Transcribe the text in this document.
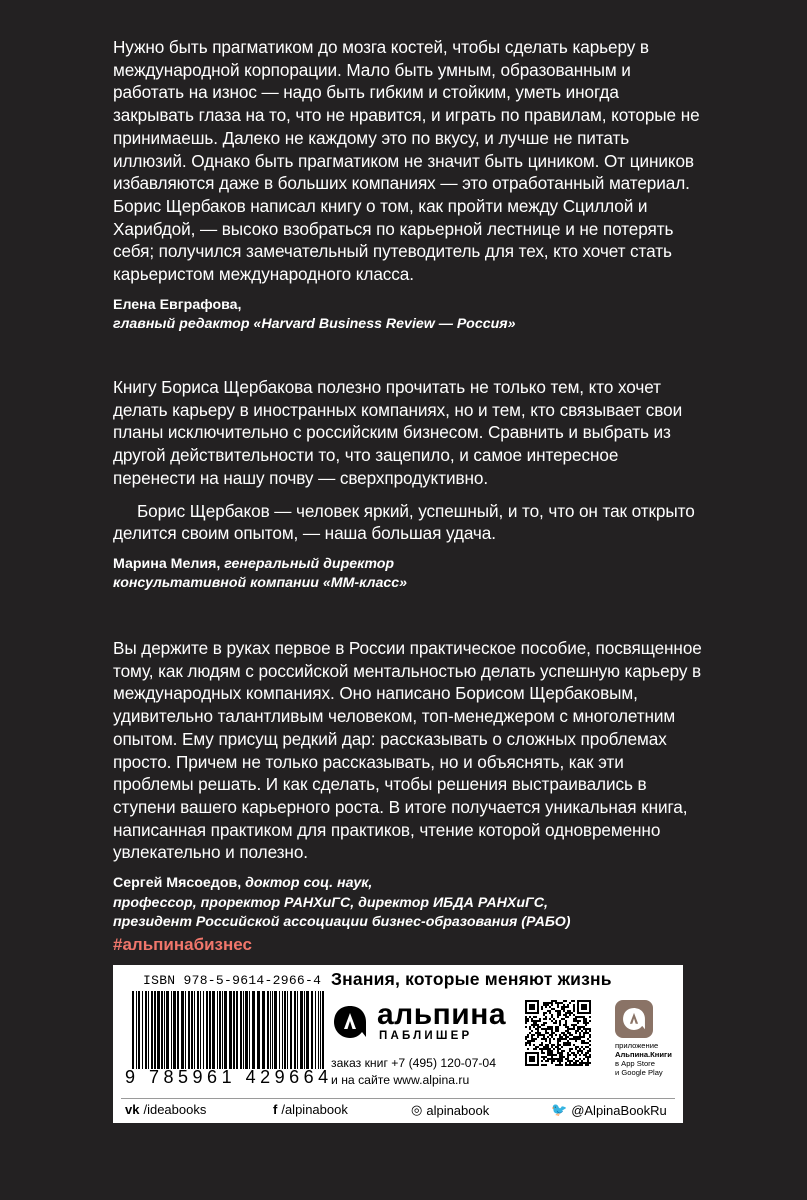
Нужно быть прагматиком до мозга костей, чтобы сделать карьеру в международной корпорации. Мало быть умным, образованным и работать на износ — надо быть гибким и стойким, уметь иногда закрывать глаза на то, что не нравится, и играть по правилам, которые не принимаешь. Далеко не каждому это по вкусу, и лучше не питать иллюзий. Однако быть прагматиком не значит быть циником. От циников избавляются даже в больших компаниях — это отработанный материал. Борис Щербаков написал книгу о том, как пройти между Сциллой и Харибдой, — высоко взобраться по карьерной лестнице и не потерять себя; получился замечательный путеводитель для тех, кто хочет стать карьеристом международного класса.

Елена Евграфова,
главный редактор «Harvard Business Review — Россия»

Книгу Бориса Щербакова полезно прочитать не только тем, кто хочет делать карьеру в иностранных компаниях, но и тем, кто связывает свои планы исключительно с российским бизнесом. Сравнить и выбрать из другой действительности то, что зацепило, и самое интересное перенести на нашу почву — сверхпродуктивно.

Борис Щербаков — человек яркий, успешный, и то, что он так открыто делится своим опытом, — наша большая удача.

Марина Мелия, генеральный директор
консультативной компании «ММ-класс»

Вы держите в руках первое в России практическое пособие, посвященное тому, как людям с российской ментальностью делать успешную карьеру в международных компаниях. Оно написано Борисом Щербаковым, удивительно талантливым человеком, топ-менеджером с многолетним опытом. Ему присущ редкий дар: рассказывать о сложных проблемах просто. Причем не только рассказывать, но и объяснять, как эти проблемы решать. И как сделать, чтобы решения выстраивались в ступени вашего карьерного роста. В итоге получается уникальная книга, написанная практиком для практиков, чтение которой одновременно увлекательно и полезно.

Сергей Мясоедов, доктор соц. наук,
профессор, проректор РАНХиГС, директор ИБДА РАНХиГС,
президент Российской ассоциации бизнес-образования (РАБО)
#альпинабизнес
ISBN 978-5-9614-2966-4
9 785961 429664
Знания, которые меняют жизнь
альпина
ПАБЛИШЕР
заказ книг +7 (495) 120-07-04
и на сайте www.alpina.ru
приложение
Альпина.Книги
в App Store
и Google Play
vk /ideabooks	f /alpinabook	◎ alpinabook	🐦 @AlpinaBookRu
